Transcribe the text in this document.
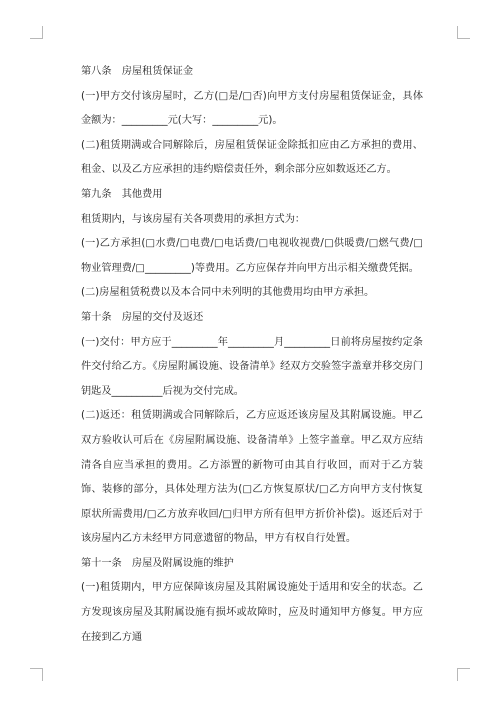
第八条　房屋租赁保证金

(一)甲方交付该房屋时，乙方(□是/□否)向甲方支付房屋租赁保证金，具体金额为：_________元(大写：_________元)。

(二)租赁期满或合同解除后，房屋租赁保证金除抵扣应由乙方承担的费用、租金、以及乙方应承担的违约赔偿责任外，剩余部分应如数返还乙方。

第九条　其他费用

租赁期内，与该房屋有关各项费用的承担方式为：

(一)乙方承担(□水费/□电费/□电话费/□电视收视费/□供暖费/□燃气费/□物业管理费/□_________)等费用。乙方应保存并向甲方出示相关缴费凭据。

(二)房屋租赁税费以及本合同中未列明的其他费用均由甲方承担。

第十条　房屋的交付及返还

(一)交付：甲方应于_________年_________月_________日前将房屋按约定条件交付给乙方。《房屋附属设施、设备清单》经双方交验签字盖章并移交房门钥匙及__________后视为交付完成。

(二)返还：租赁期满或合同解除后，乙方应返还该房屋及其附属设施。甲乙双方验收认可后在《房屋附属设施、设备清单》上签字盖章。甲乙双方应结清各自应当承担的费用。乙方添置的新物可由其自行收回，而对于乙方装饰、装修的部分，具体处理方法为(□乙方恢复原状/□乙方向甲方支付恢复原状所需费用/□乙方放弃收回/□归甲方所有但甲方折价补偿)。返还后对于该房屋内乙方未经甲方同意遗留的物品，甲方有权自行处置。

第十一条　房屋及附属设施的维护

(一)租赁期内，甲方应保障该房屋及其附属设施处于适用和安全的状态。乙方发现该房屋及其附属设施有损坏或故障时，应及时通知甲方修复。甲方应在接到乙方通
